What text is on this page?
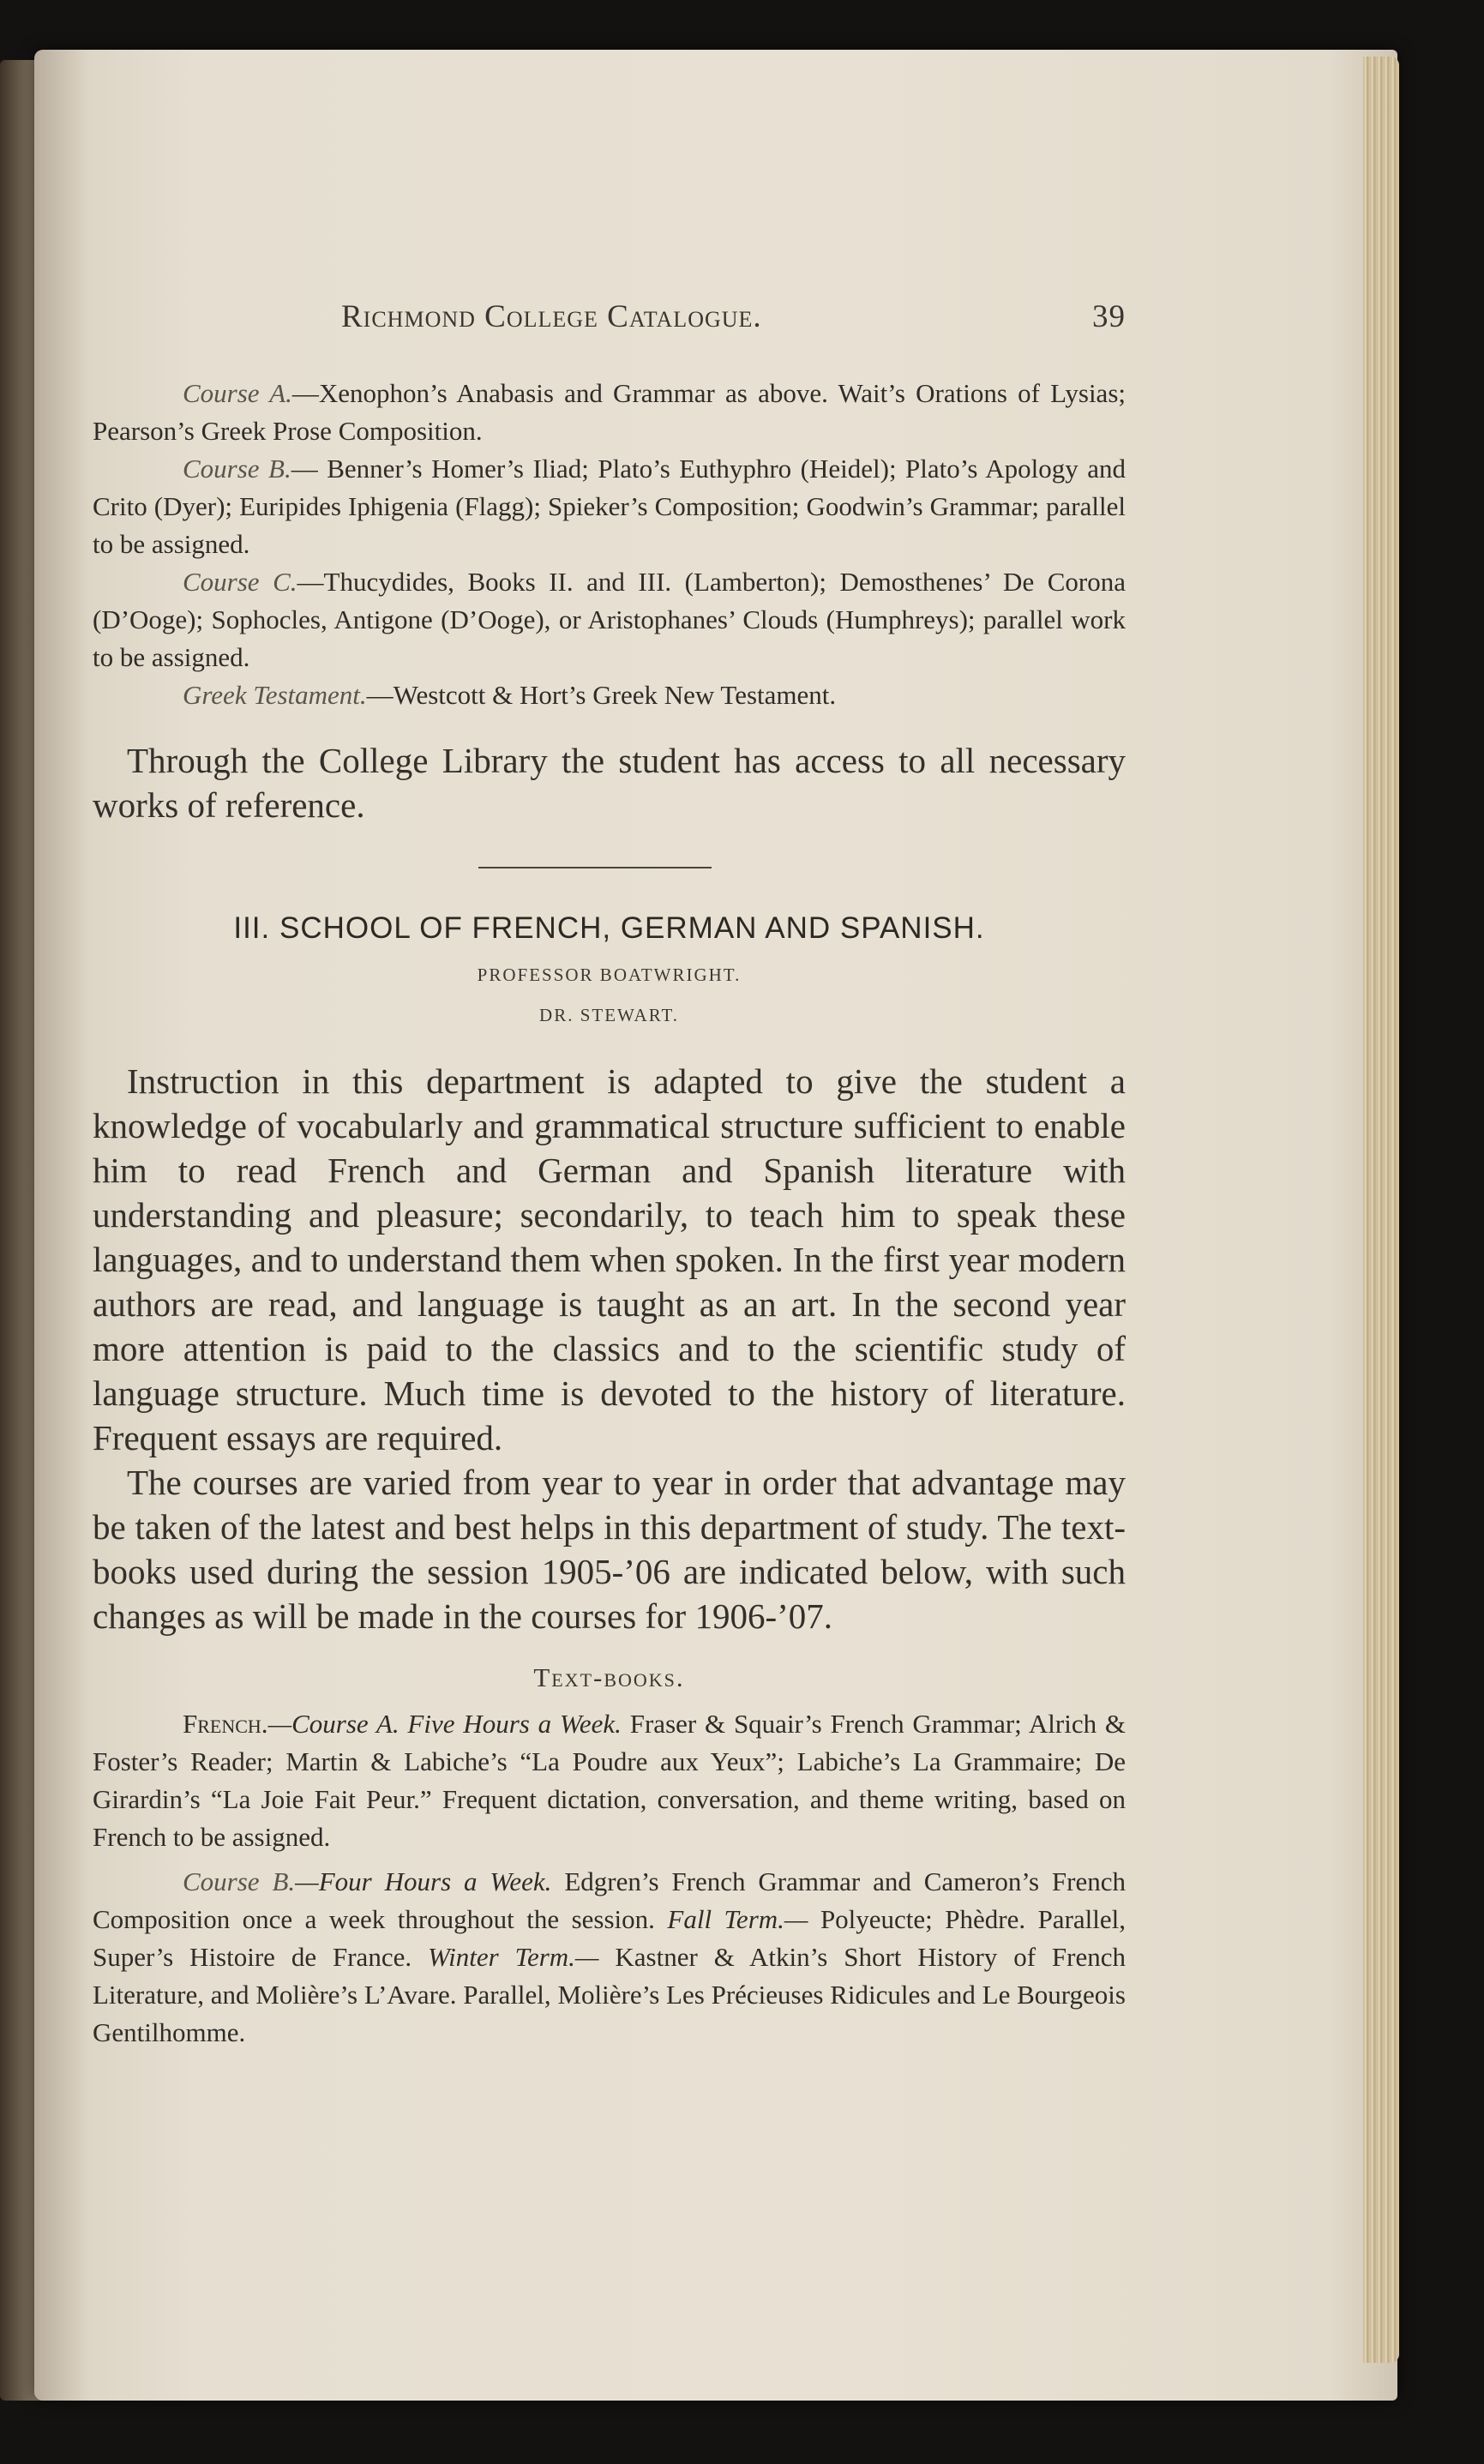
Richmond College Catalogue.	39

Course A.—Xenophon’s Anabasis and Grammar as above. Wait’s Orations of Lysias; Pearson’s Greek Prose Composition.

Course B.— Benner’s Homer’s Iliad; Plato’s Euthyphro (Heidel); Plato’s Apology and Crito (Dyer); Euripides Iphigenia (Flagg); Spieker’s Composition; Goodwin’s Grammar; parallel to be assigned.

Course C.—Thucydides, Books II. and III. (Lamberton); Demosthenes’ De Corona (D’Ooge); Sophocles, Antigone (D’Ooge), or Aristophanes’ Clouds (Humphreys); parallel work to be assigned.

Greek Testament.—Westcott & Hort’s Greek New Testament.

Through the College Library the student has access to all necessary works of reference.

III. SCHOOL OF FRENCH, GERMAN AND SPANISH.
PROFESSOR BOATWRIGHT.
DR. STEWART.

Instruction in this department is adapted to give the student a knowledge of vocabularly and grammatical structure sufficient to enable him to read French and German and Spanish literature with understanding and pleasure; secondarily, to teach him to speak these languages, and to understand them when spoken. In the first year modern authors are read, and language is taught as an art. In the second year more attention is paid to the classics and to the scientific study of language structure. Much time is devoted to the history of literature. Frequent essays are required.

The courses are varied from year to year in order that advantage may be taken of the latest and best helps in this department of study. The text-books used during the session 1905-’06 are indicated below, with such changes as will be made in the courses for 1906-’07.

Text-books.

French.—Course A. Five Hours a Week. Fraser & Squair’s French Grammar; Alrich & Foster’s Reader; Martin & Labiche’s “La Poudre aux Yeux”; Labiche’s La Grammaire; De Girardin’s “La Joie Fait Peur.” Frequent dictation, conversation, and theme writing, based on French to be assigned.

Course B.—Four Hours a Week. Edgren’s French Grammar and Cameron’s French Composition once a week throughout the session. Fall Term.— Polyeucte; Phèdre. Parallel, Super’s Histoire de France. Winter Term.— Kastner & Atkin’s Short History of French Literature, and Molière’s L’Avare. Parallel, Molière’s Les Précieuses Ridicules and Le Bourgeois Gentilhomme.
